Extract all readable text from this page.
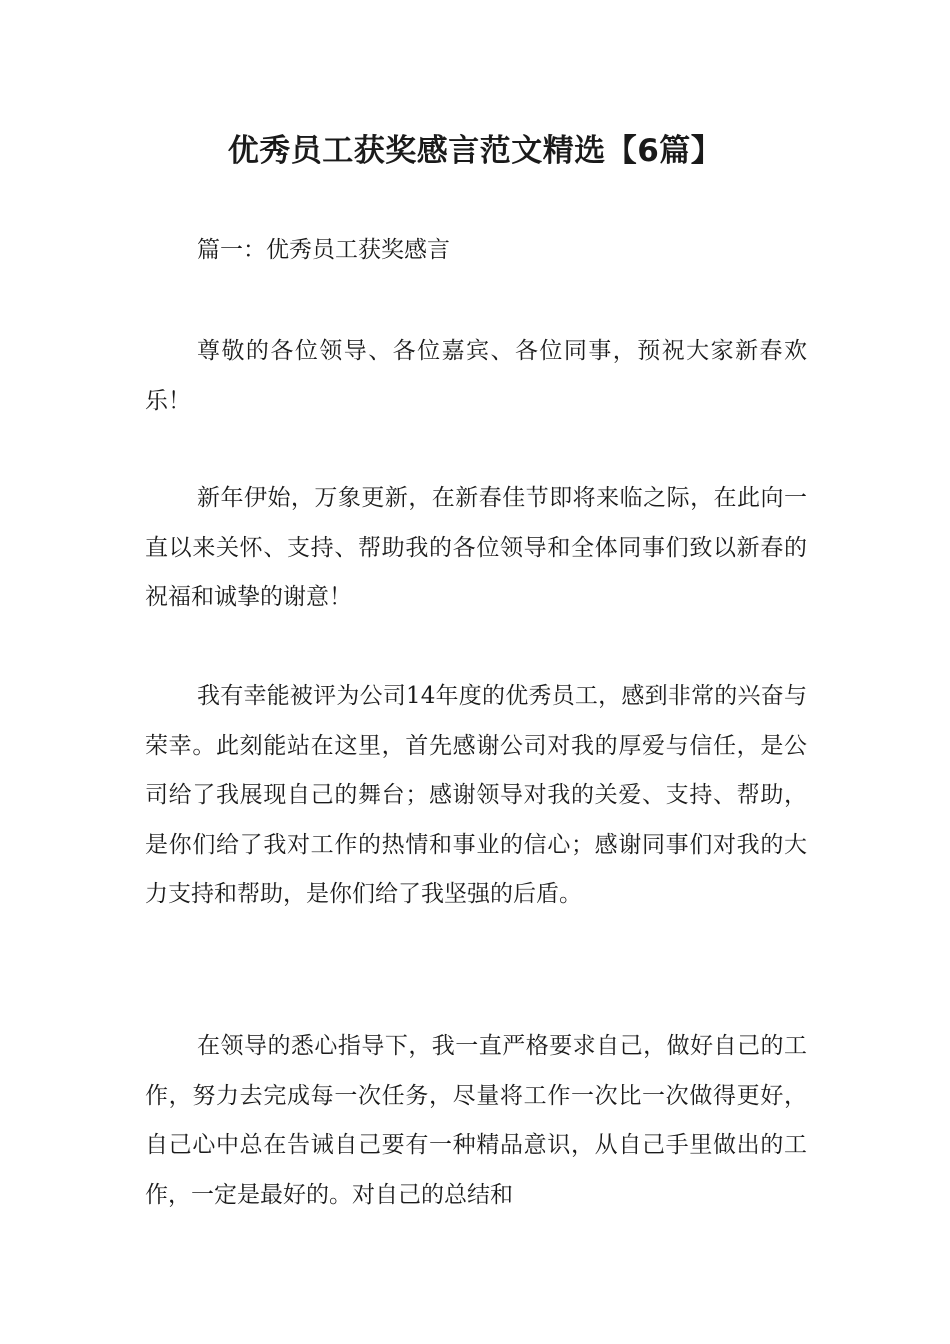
优秀员工获奖感言范文精选【6篇】

篇一：优秀员工获奖感言

尊敬的各位领导、各位嘉宾、各位同事，预祝大家新春欢乐！

新年伊始，万象更新，在新春佳节即将来临之际，在此向一直以来关怀、支持、帮助我的各位领导和全体同事们致以新春的祝福和诚挚的谢意！

我有幸能被评为公司14年度的优秀员工，感到非常的兴奋与荣幸。此刻能站在这里，首先感谢公司对我的厚爱与信任，是公司给了我展现自己的舞台；感谢领导对我的关爱、支持、帮助，是你们给了我对工作的热情和事业的信心；感谢同事们对我的大力支持和帮助，是你们给了我坚强的后盾。

在领导的悉心指导下，我一直严格要求自己，做好自己的工作，努力去完成每一次任务，尽量将工作一次比一次做得更好，自己心中总在告诫自己要有一种精品意识，从自己手里做出的工作，一定是最好的。对自己的总结和
